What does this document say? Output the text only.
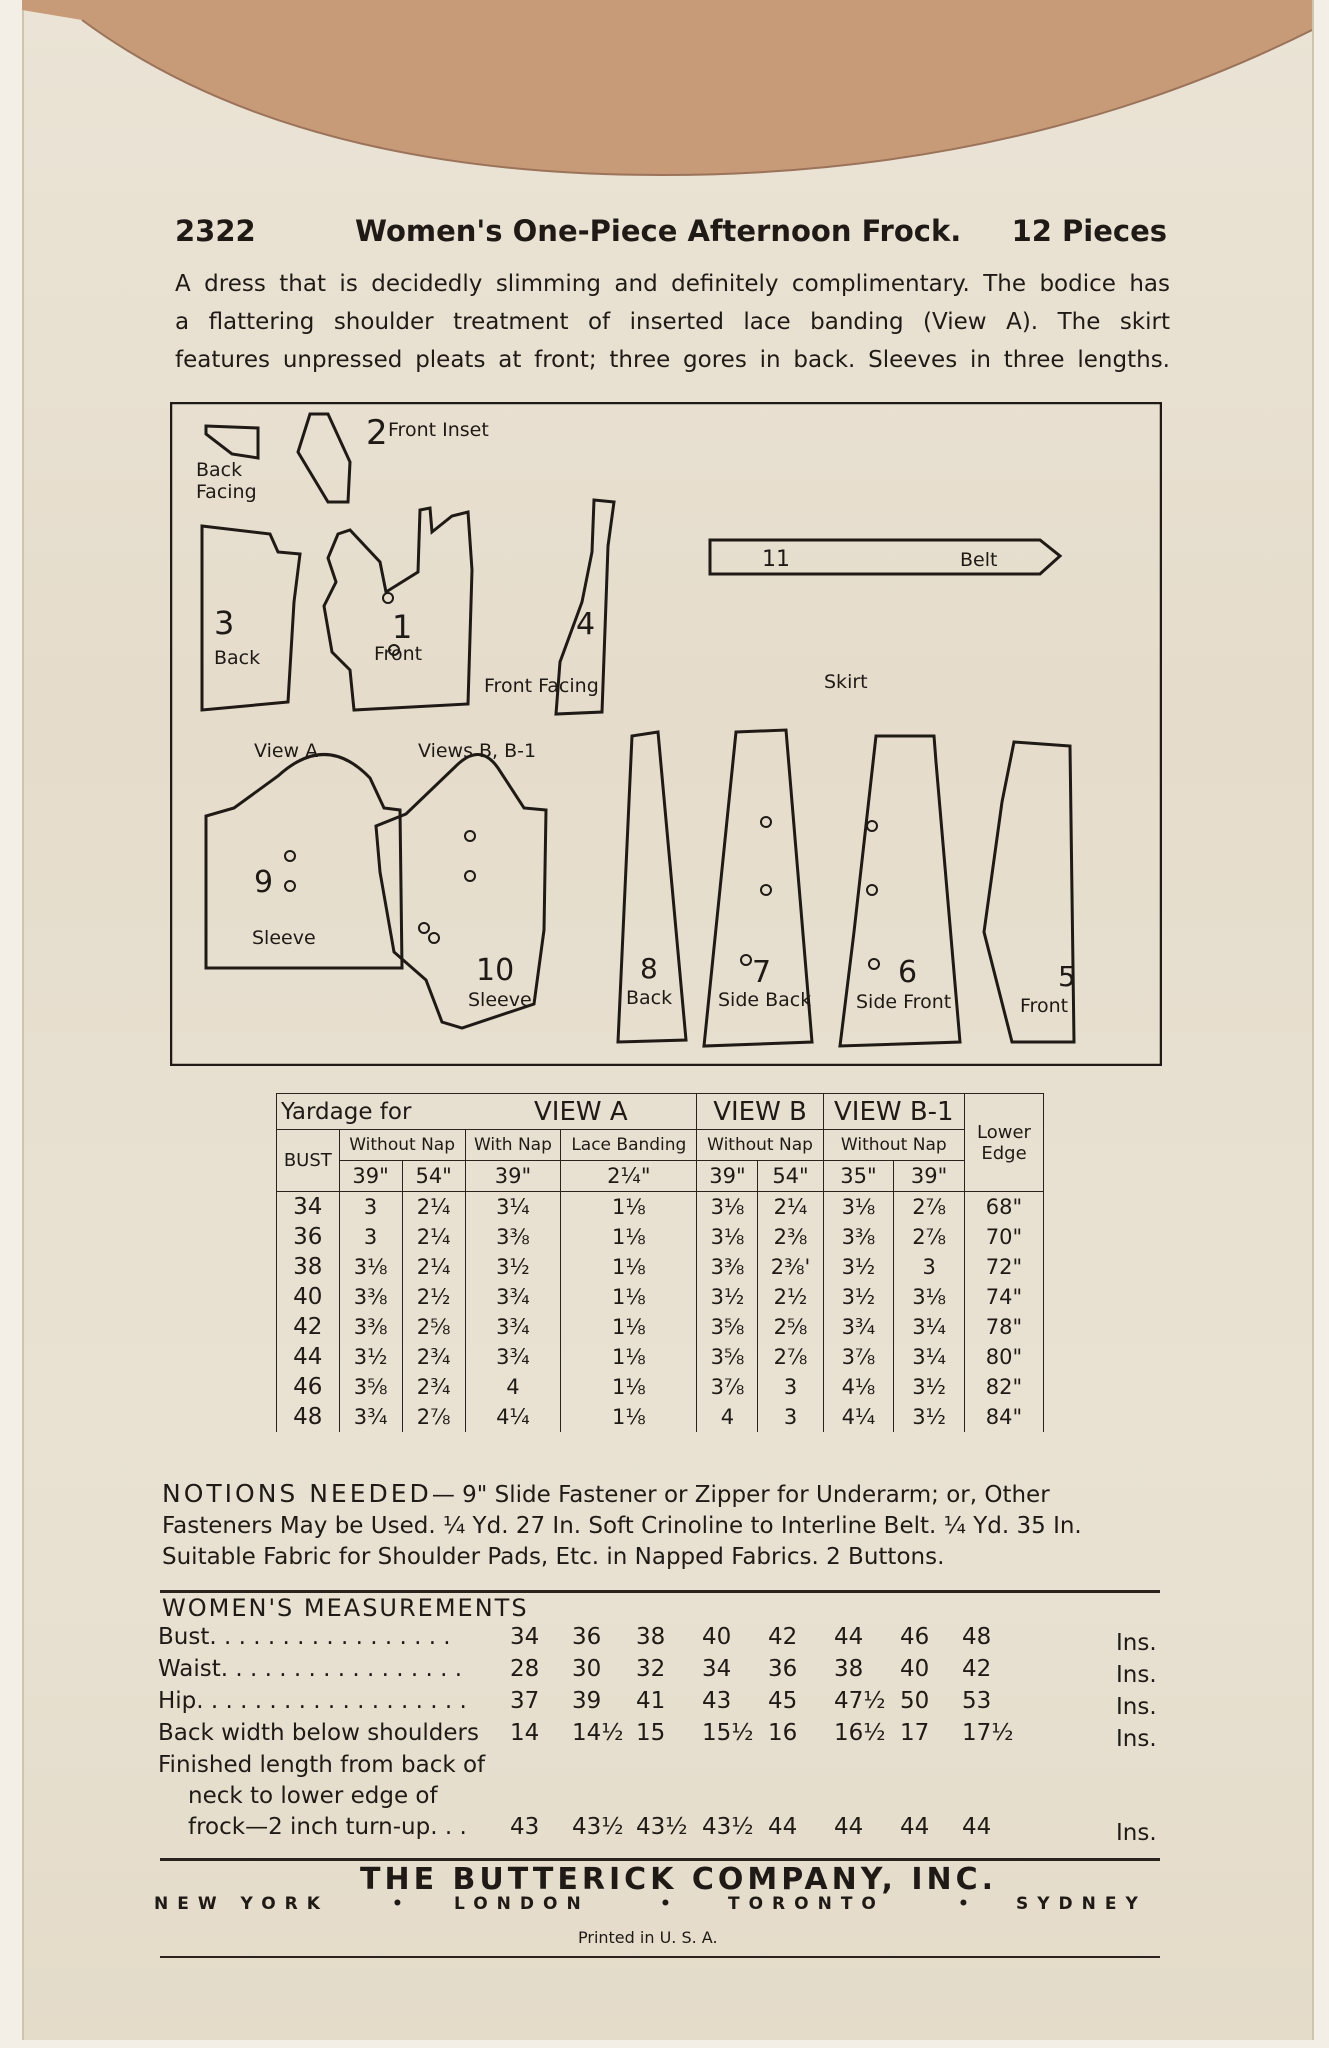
2322	Women's One-Piece Afternoon Frock. 12 Pieces
A dress that is decidedly slimming and definitely complimentary. The bodice has
a flattering shoulder treatment of inserted lace banding (View A). The skirt
features unpressed pleats at front; three gores in back. Sleeves in three lengths.
Back Facing
2 Front Inset
3
Back
1
Front
4
Front Facing
11	Belt
Skirt
View A	Views B, B-1
9
Sleeve
10
Sleeve
8
Back
7
Side Back
6
Side Front
5
Front
Yardage for			VIEW A		VIEW B		VIEW B-1		Lower Edge
BUST	Without Nap		With Nap	Lace Banding	Without Nap		Without Nap		
	39"	54"	39"	2¼"	39"	54"	35"	39"	
34	3	2¼	3¼	1⅛	3⅛	2¼	3⅛	2⅞	68"
36	3	2¼	3⅜	1⅛	3⅛	2⅜	3⅜	2⅞	70"
38	3⅛	2¼	3½	1⅛	3⅜	2⅜'	3½	3	72"
40	3⅜	2½	3¾	1⅛	3½	2½	3½	3⅛	74"
42	3⅜	2⅝	3¾	1⅛	3⅝	2⅝	3¾	3¼	78"
44	3½	2¾	3¾	1⅛	3⅝	2⅞	3⅞	3¼	80"
46	3⅝	2¾	4	1⅛	3⅞	3	4⅛	3½	82"
48	3¾	2⅞	4¼	1⅛	4	3	4¼	3½	84"
NOTIONS NEEDED— 9" Slide Fastener or Zipper for Underarm; or, Other
Fasteners May be Used. ¼ Yd. 27 In. Soft Crinoline to Interline Belt. ¼ Yd. 35 In.
Suitable Fabric for Shoulder Pads, Etc. in Napped Fabrics. 2 Buttons.
WOMEN'S MEASUREMENTS
Bust. . . . . . . . . . . . . . . . .	34 36 38 40 42 44 46 48	Ins.
Waist. . . . . . . . . . . . . . . . . 28 30 32 34 36 38 40 42	Ins.
Hip. . . . . . . . . . . . . . . . . . . 37 39 41 43 45 47½ 50 53	Ins.
Back width below shoulders 14 14½ 15 15½ 16 16½ 17 17½	Ins.
Finished length from back of
neck to lower edge of
frock—2 inch turn-up. . .	43 43½ 43½ 43½ 44 44 44 44	Ins.
THE BUTTERICK COMPANY, INC.
NEW YORK	• LONDON	•	TORONTO	• SYDNEY
Printed in U. S. A.
